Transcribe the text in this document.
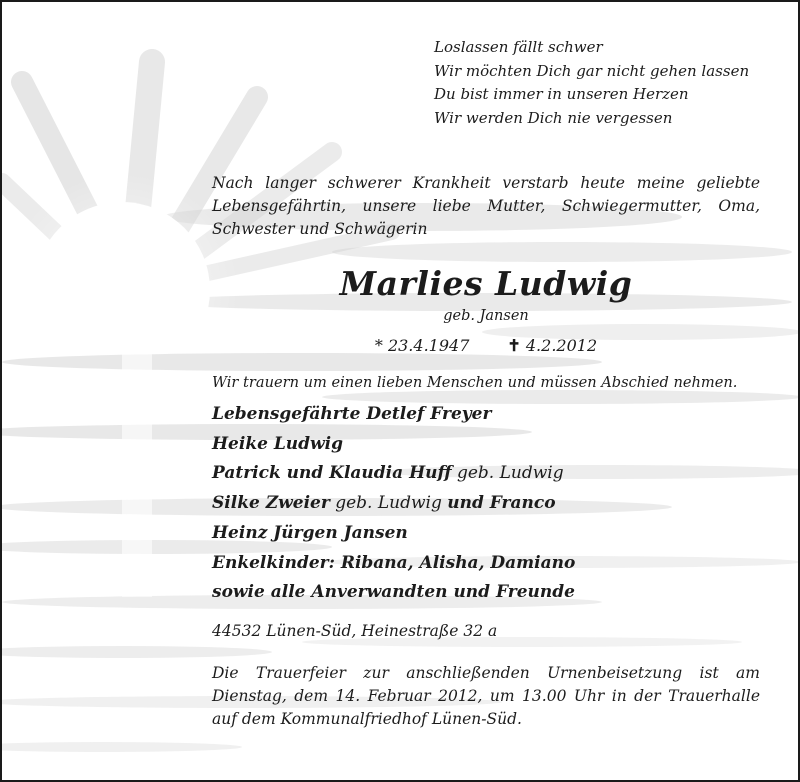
Loslassen fällt schwer
Wir möchten Dich gar nicht gehen lassen
Du bist immer in unseren Herzen
Wir werden Dich nie vergessen
Nach langer schwerer Krankheit verstarb heute meine geliebte
Lebensgefährtin, unsere liebe Mutter, Schwiegermutter, Oma,
Schwester und Schwägerin
Marlies Ludwig
geb. Jansen
* 23.4.1947 ✝ 4.2.2012
Wir trauern um einen lieben Menschen und müssen Abschied nehmen.
Lebensgefährte Detlef Freyer
Heike Ludwig
Patrick und Klaudia Huff geb. Ludwig
Silke Zweier geb. Ludwig und Franco
Heinz Jürgen Jansen
Enkelkinder: Ribana, Alisha, Damiano
sowie alle Anverwandten und Freunde
44532 Lünen-Süd, Heinestraße 32 a
Die Trauerfeier zur anschließenden Urnenbeisetzung ist am
Dienstag, dem 14. Februar 2012, um 13.00 Uhr in der Trauerhalle
auf dem Kommunalfriedhof Lünen-Süd.
